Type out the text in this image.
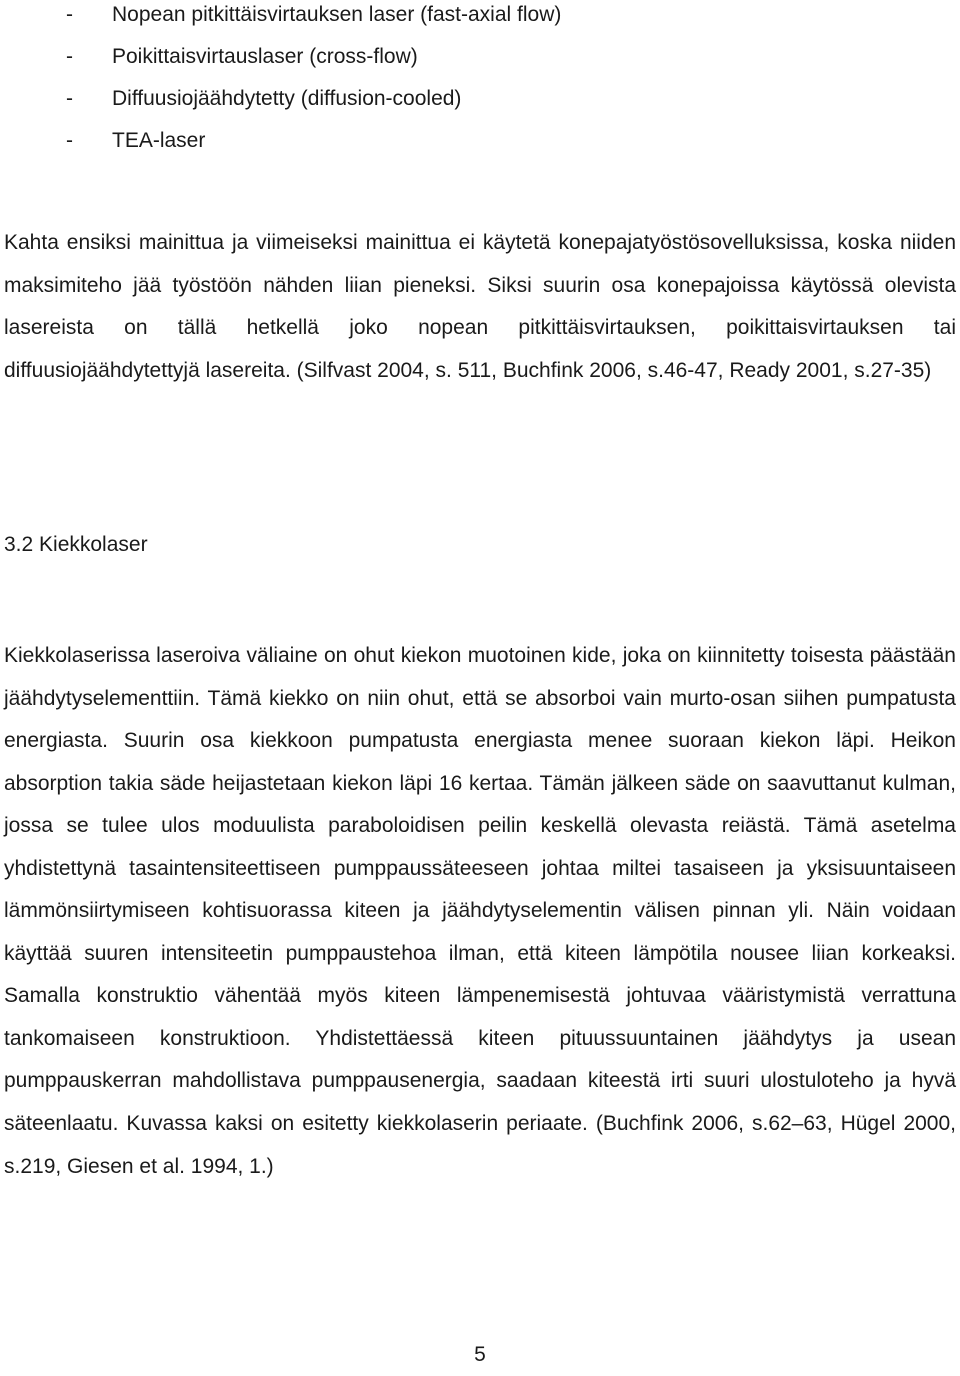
- Nopean pitkittäisvirtauksen laser (fast-axial flow)
- Poikittaisvirtauslaser (cross-flow)
- Diffuusiojäähdytetty (diffusion-cooled)
- TEA-laser

Kahta ensiksi mainittua ja viimeiseksi mainittua ei käytetä konepajatyöstösovelluksissa, koska niiden maksimiteho jää työstöön nähden liian pieneksi. Siksi suurin osa konepajoissa käytössä olevista lasereista on tällä hetkellä joko nopean pitkittäisvirtauksen, poikittaisvirtauksen tai diffuusiojäähdytettyjä lasereita. (Silfvast 2004, s. 511, Buchfink 2006, s.46-47, Ready 2001, s.27-35)

3.2 Kiekkolaser

Kiekkolaserissa laseroiva väliaine on ohut kiekon muotoinen kide, joka on kiinnitetty toisesta päästään jäähdytyselementtiin. Tämä kiekko on niin ohut, että se absorboi vain murto-osan siihen pumpatusta energiasta. Suurin osa kiekkoon pumpatusta energiasta menee suoraan kiekon läpi. Heikon absorption takia säde heijastetaan kiekon läpi 16 kertaa. Tämän jälkeen säde on saavuttanut kulman, jossa se tulee ulos moduulista paraboloidisen peilin keskellä olevasta reiästä. Tämä asetelma yhdistettynä tasaintensiteettiseen pumppaussäteeseen johtaa miltei tasaiseen ja yksisuuntaiseen lämmönsiirtymiseen kohtisuorassa kiteen ja jäähdytyselementin välisen pinnan yli. Näin voidaan käyttää suuren intensiteetin pumppaustehoa ilman, että kiteen lämpötila nousee liian korkeaksi. Samalla konstruktio vähentää myös kiteen lämpenemisestä johtuvaa vääristymistä verrattuna tankomaiseen konstruktioon. Yhdistettäessä kiteen pituussuuntainen jäähdytys ja usean pumppauskerran mahdollistava pumppausenergia, saadaan kiteestä irti suuri ulostuloteho ja hyvä säteenlaatu. Kuvassa kaksi on esitetty kiekkolaserin periaate. (Buchfink 2006, s.62–63, Hügel 2000, s.219, Giesen et al. 1994, 1.)

5
